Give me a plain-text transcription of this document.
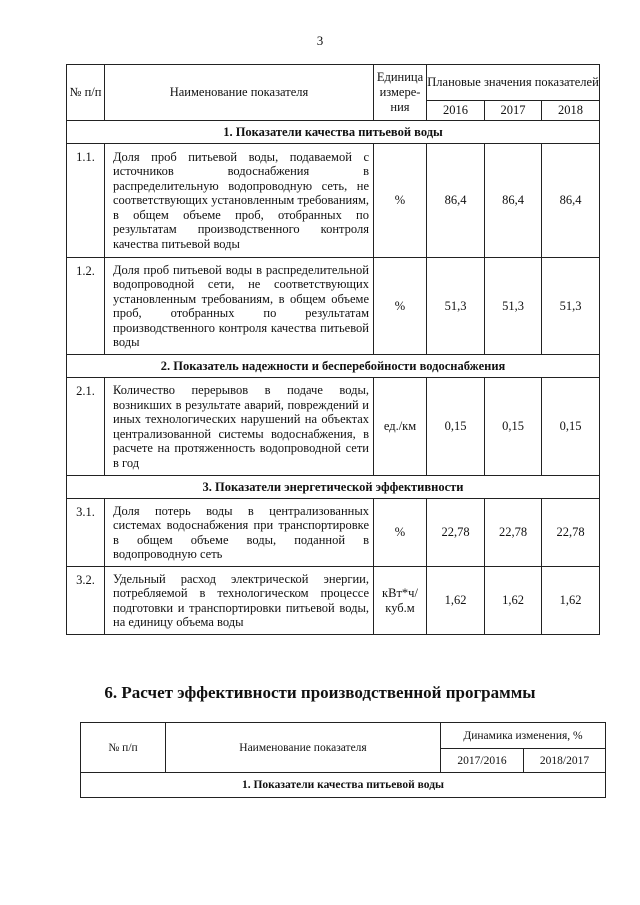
3
№ п/п	Наименование показателя	Единица измере-ния	Плановые значения показателей		
			2016	2017	2018
1. Показатели качества питьевой воды					
1.1.	Доля проб питьевой воды, подаваемой с источников водоснабжения в распределительную водопроводную сеть, не соответствующих установленным требованиям, в общем объеме проб, отобранных по результатам производственного контроля качества питьевой воды	%	86,4	86,4	86,4
1.2.	Доля проб питьевой воды в распределительной водопроводной сети, не соответствующих установленным требованиям, в общем объеме проб, отобранных по результатам производственного контроля качества питьевой воды	%	51,3	51,3	51,3
2. Показатель надежности и бесперебойности водоснабжения					
2.1.	Количество перерывов в подаче воды, возникших в результате аварий, повреждений и иных технологических нарушений на объектах централизованной системы водоснабжения, в расчете на протяженность водопроводной сети в год	ед./км	0,15	0,15	0,15
3. Показатели энергетической эффективности					
3.1.	Доля потерь воды в централизованных системах водоснабжения при транспортировке в общем объеме воды, поданной в водопроводную сеть	%	22,78	22,78	22,78
3.2.	Удельный расход электрической энергии, потребляемой в технологическом процессе подготовки и транспортировки питьевой воды, на единицу объема воды	кВт*ч/ куб.м	1,62	1,62	1,62
6. Расчет эффективности производственной программы
№ п/п	Наименование показателя	Динамика изменения, %	
		2017/2016	2018/2017
1. Показатели качества питьевой воды			
